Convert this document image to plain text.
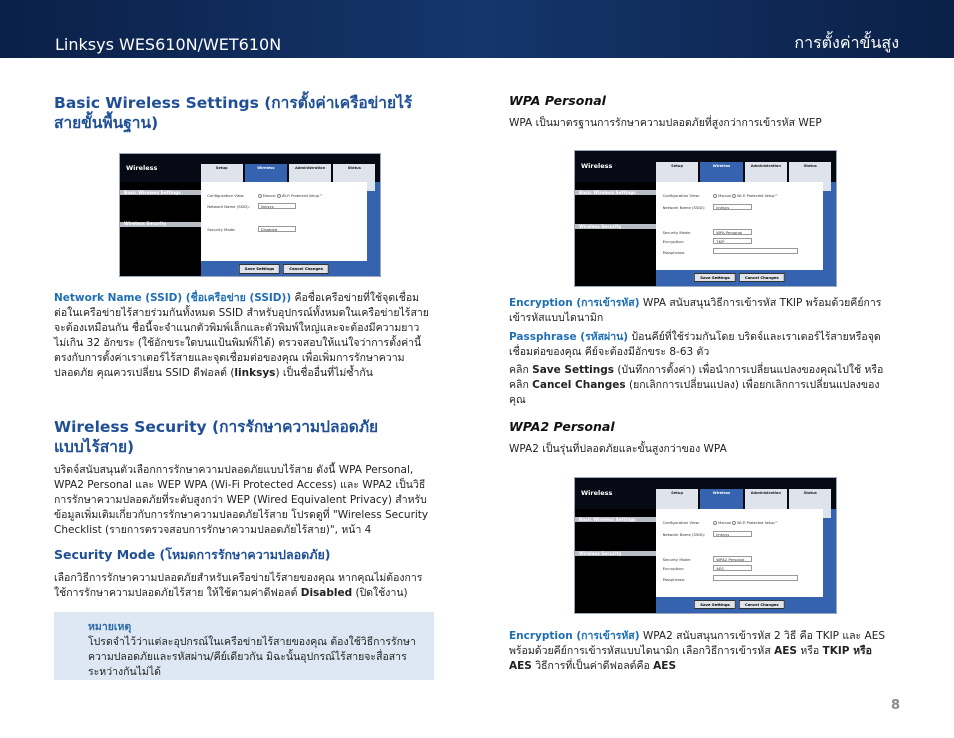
Linksys WES610N/WET610N	การตั้งค่าขั้นสูง
Basic Wireless Settings (การตั้งค่าเครือข่ายไร้สายขั้นพื้นฐาน)

Network Name (SSID) (ชื่อเครือข่าย (SSID)) คือชื่อเครือข่ายที่ใช้จุดเชื่อมต่อในเครือข่ายไร้สายร่วมกันทั้งหมด SSID สำหรับอุปกรณ์ทั้งหมดในเครือข่ายไร้สายจะต้องเหมือนกัน ชื่อนี้จะจำแนกตัวพิมพ์เล็กและตัวพิมพ์ใหญ่และจะต้องมีความยาวไม่เกิน 32 อักขระ (ใช้อักขระใดบนแป้นพิมพ์ก็ได้) ตรวจสอบให้แน่ใจว่าการตั้งค่านี้ตรงกับการตั้งค่าเราเตอร์ไร้สายและจุดเชื่อมต่อของคุณ เพื่อเพิ่มการรักษาความปลอดภัย คุณควรเปลี่ยน SSID ดีฟอลต์ (linksys) เป็นชื่ออื่นที่ไม่ซ้ำกัน

Wireless Security (การรักษาความปลอดภัยแบบไร้สาย)

บริดจ์สนับสนุนตัวเลือกการรักษาความปลอดภัยแบบไร้สาย ดังนี้ WPA Personal, WPA2 Personal และ WEP WPA (Wi-Fi Protected Access) และ WPA2 เป็นวิธีการรักษาความปลอดภัยที่ระดับสูงกว่า WEP (Wired Equivalent Privacy) สำหรับข้อมูลเพิ่มเติมเกี่ยวกับการรักษาความปลอดภัยไร้สาย โปรดดูที่ "Wireless Security Checklist (รายการตรวจสอบการรักษาความปลอดภัยไร้สาย)", หน้า 4

Security Mode (โหมดการรักษาความปลอดภัย)

เลือกวิธีการรักษาความปลอดภัยสำหรับเครือข่ายไร้สายของคุณ หากคุณไม่ต้องการใช้การรักษาความปลอดภัยไร้สาย ให้ใช้ตามค่าดีฟอลต์ Disabled (ปิดใช้งาน)

หมายเหตุ
โปรดจำไว้ว่าแต่ละอุปกรณ์ในเครือข่ายไร้สายของคุณ ต้องใช้วิธีการรักษาความปลอดภัยและรหัสผ่าน/คีย์เดียวกัน มิฉะนั้นอุปกรณ์ไร้สายจะสื่อสารระหว่างกันไม่ได้
Wireless	Setup	Wireless	Administration	Status
Basic Wireless Settings
Wireless Security
Configuration View:	Manual Wi-Fi Protected Setup™
Network Name (SSID):	linksys
Security Mode:	Disabled
Save Settings	Cancel Changes
WPA Personal

WPA เป็นมาตรฐานการรักษาความปลอดภัยที่สูงกว่าการเข้ารหัส WEP

Encryption (การเข้ารหัส) WPA สนับสนุนวิธีการเข้ารหัส TKIP พร้อมด้วยคีย์การเข้ารหัสแบบไดนามิก

Passphrase (รหัสผ่าน) ป้อนคีย์ที่ใช้ร่วมกันโดย บริดจ์และเราเตอร์ไร้สายหรือจุดเชื่อมต่อของคุณ คีย์จะต้องมีอักขระ 8-63 ตัว

คลิก Save Settings (บันทึกการตั้งค่า) เพื่อนำการเปลี่ยนแปลงของคุณไปใช้ หรือคลิก Cancel Changes (ยกเลิกการเปลี่ยนแปลง) เพื่อยกเลิกการเปลี่ยนแปลงของคุณ

WPA2 Personal

WPA2 เป็นรุ่นที่ปลอดภัยและขั้นสูงกว่าของ WPA

Encryption (การเข้ารหัส) WPA2 สนับสนุนการเข้ารหัส 2 วิธี คือ TKIP และ AES พร้อมด้วยคีย์การเข้ารหัสแบบไดนามิก เลือกวิธีการเข้ารหัส AES หรือ TKIP หรือ AES วิธีการที่เป็นค่าดีฟอลต์คือ AES

Wireless	Setup	Wireless	Administration	Status
Basic Wireless Settings
Wireless Security
Configuration View:	Manual Wi-Fi Protected Setup™
Network Name (SSID):	linksys
Security Mode:	WPA Personal
Encryption:	TKIP
Passphrase:
Save Settings	Cancel Changes
Wireless	Setup	Wireless	Administration	Status
Basic Wireless Settings
Wireless Security
Configuration View:	Manual Wi-Fi Protected Setup™
Network Name (SSID):	linksys
Security Mode:	WPA2 Personal
Encryption:	AES
Passphrase:
Save Settings	Cancel Changes
8
